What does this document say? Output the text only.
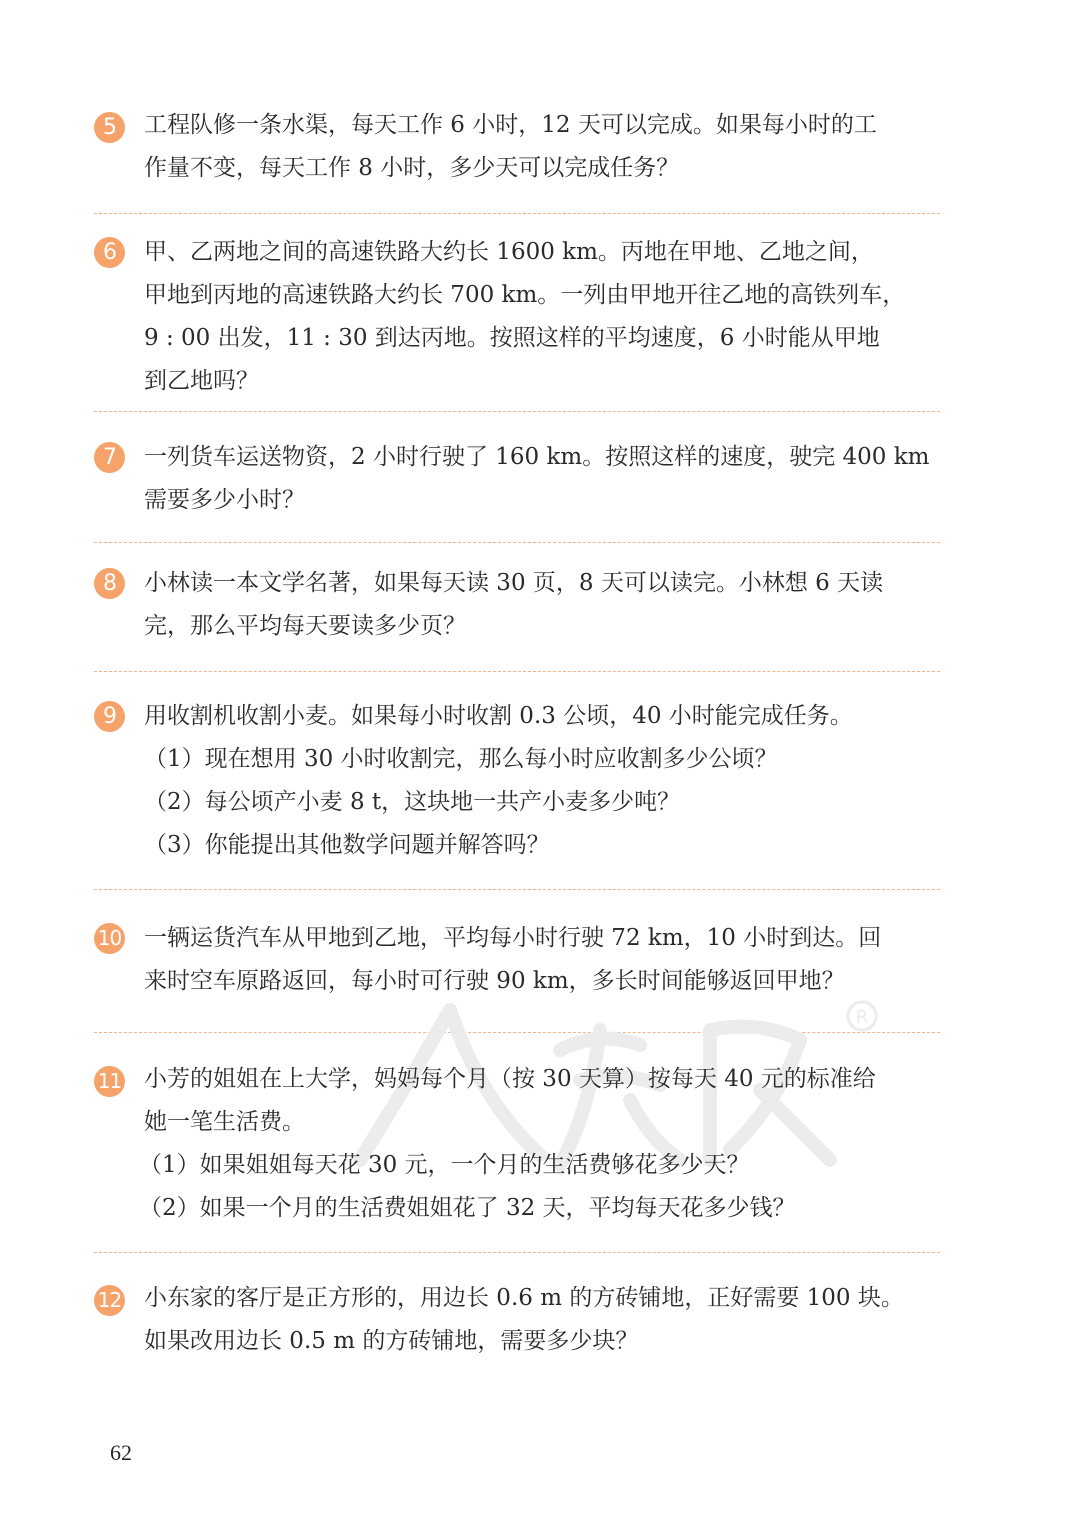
5	工程队修一条水渠，每天工作 6 小时，12 天可以完成。如果每小时的工
作量不变，每天工作 8 小时，多少天可以完成任务？
6	甲、乙两地之间的高速铁路大约长 1600 km。丙地在甲地、乙地之间，
甲地到丙地的高速铁路大约长 700 km。一列由甲地开往乙地的高铁列车，
9 : 00 出发，11 : 30 到达丙地。按照这样的平均速度，6 小时能从甲地
到乙地吗？
7	一列货车运送物资，2 小时行驶了 160 km。按照这样的速度，驶完 400 km
需要多少小时？
8	小林读一本文学名著，如果每天读 30 页，8 天可以读完。小林想 6 天读
完，那么平均每天要读多少页？
9	用收割机收割小麦。如果每小时收割 0.3 公顷，40 小时能完成任务。
（1）现在想用 30 小时收割完，那么每小时应收割多少公顷？
（2）每公顷产小麦 8 t，这块地一共产小麦多少吨？
（3）你能提出其他数学问题并解答吗？
10 一辆运货汽车从甲地到乙地，平均每小时行驶 72 km，10 小时到达。回
来时空车原路返回，每小时可行驶 90 km，多长时间能够返回甲地？
R
11 小芳的姐姐在上大学，妈妈每个月（按 30 天算）按每天 40 元的标准给
她一笔生活费。
（1）如果姐姐每天花 30 元，一个月的生活费够花多少天？
（2）如果一个月的生活费姐姐花了 32 天，平均每天花多少钱？
12 小东家的客厅是正方形的，用边长 0.6 m 的方砖铺地，正好需要 100 块。
如果改用边长 0.5 m 的方砖铺地，需要多少块？
62
